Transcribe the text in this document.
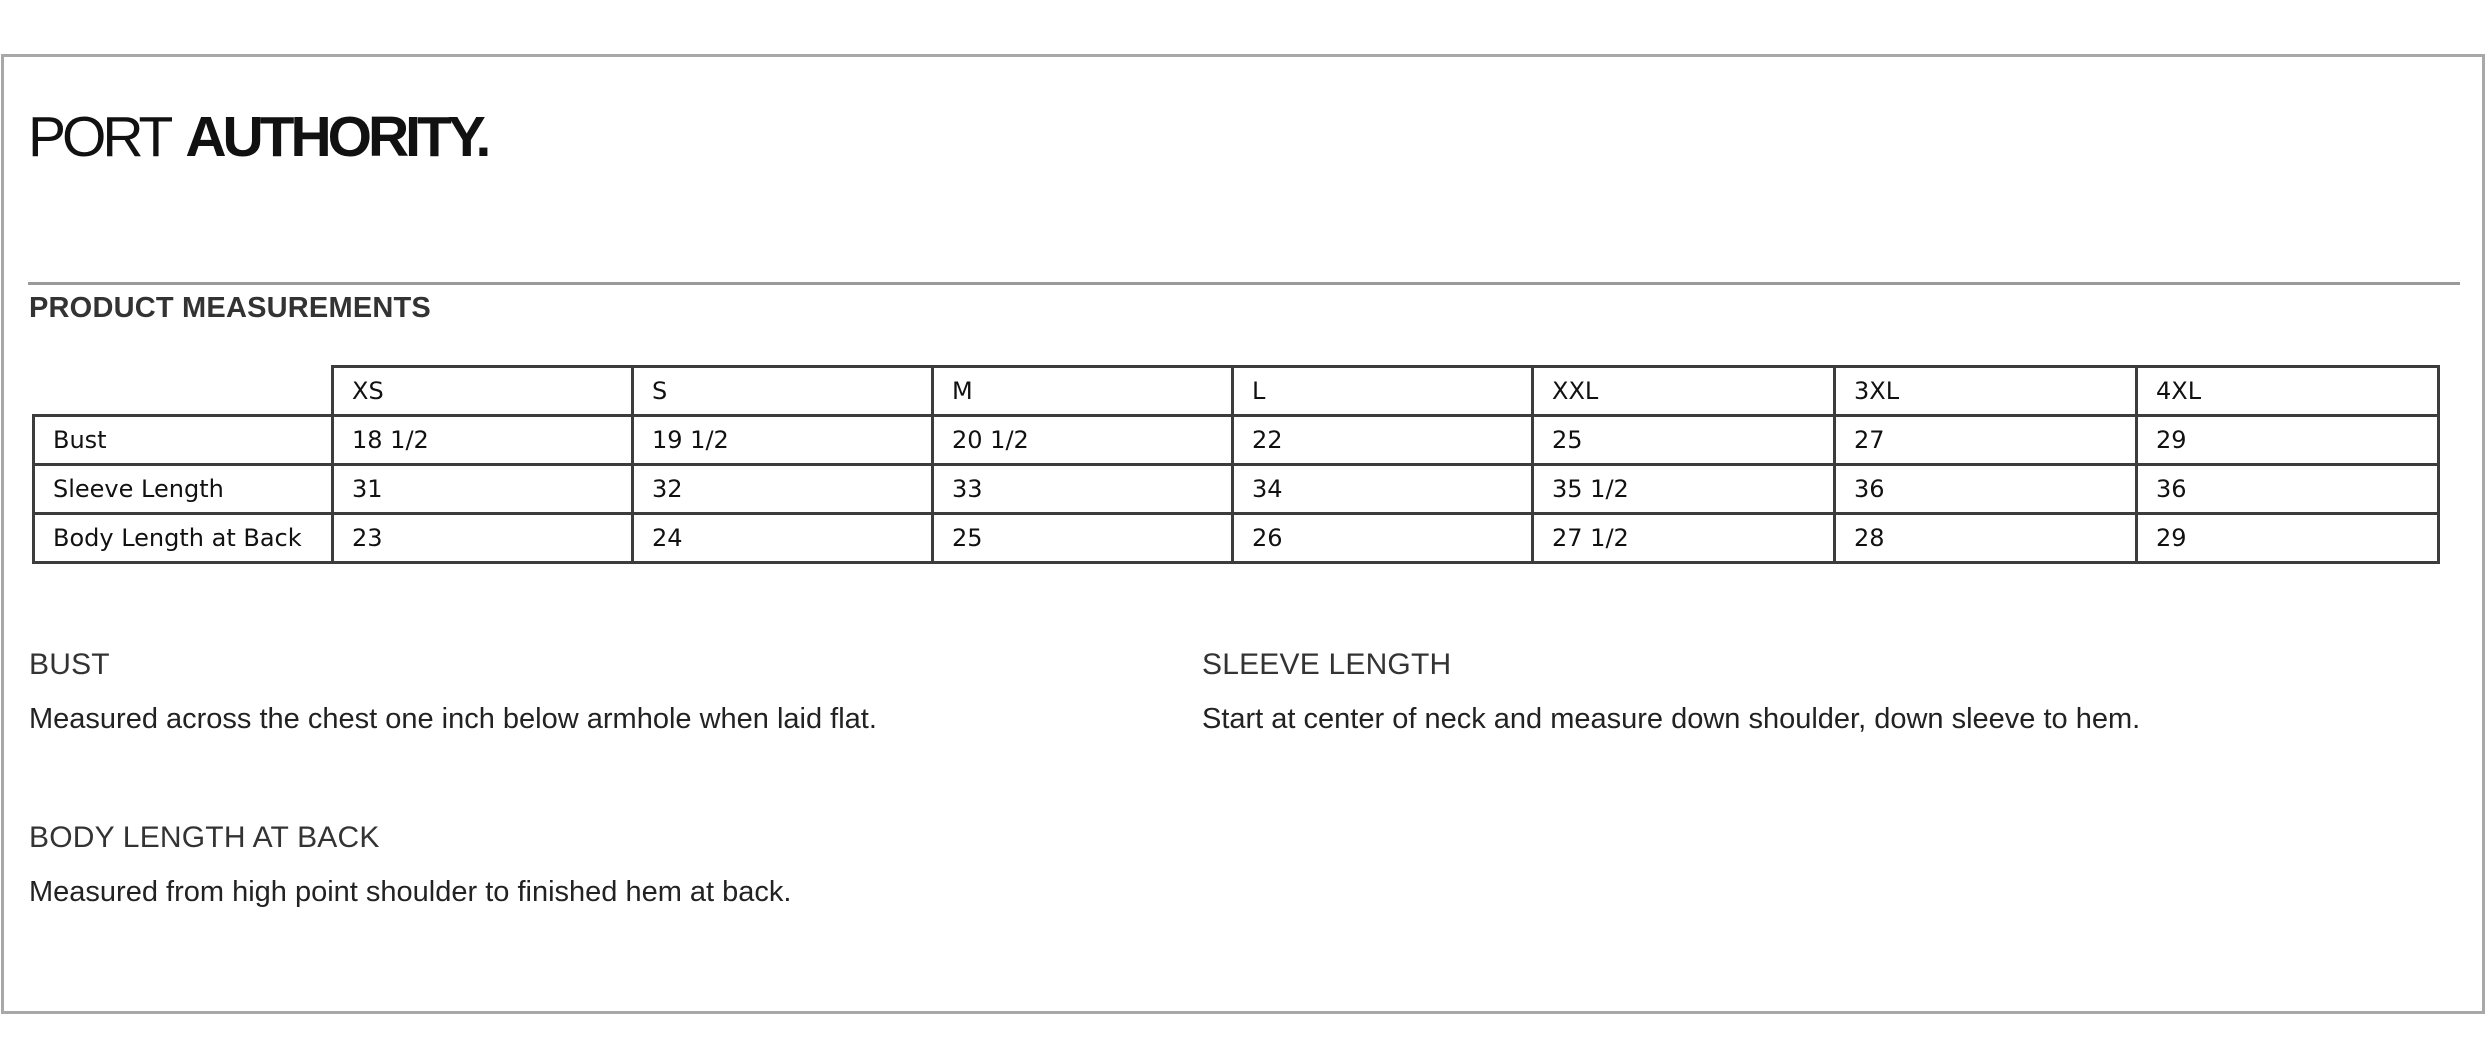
PORT AUTHORITY.
PRODUCT MEASUREMENTS
	XS	S	M	L	XXL	3XL	4XL
Bust	18 1/2	19 1/2	20 1/2	22	25	27	29
Sleeve Length	31	32	33	34	35 1/2	36	36
Body Length at Back	23	24	25	26	27 1/2	28	29
BUST
Measured across the chest one inch below armhole when laid flat.
SLEEVE LENGTH
Start at center of neck and measure down shoulder, down sleeve to hem.
BODY LENGTH AT BACK
Measured from high point shoulder to finished hem at back.
